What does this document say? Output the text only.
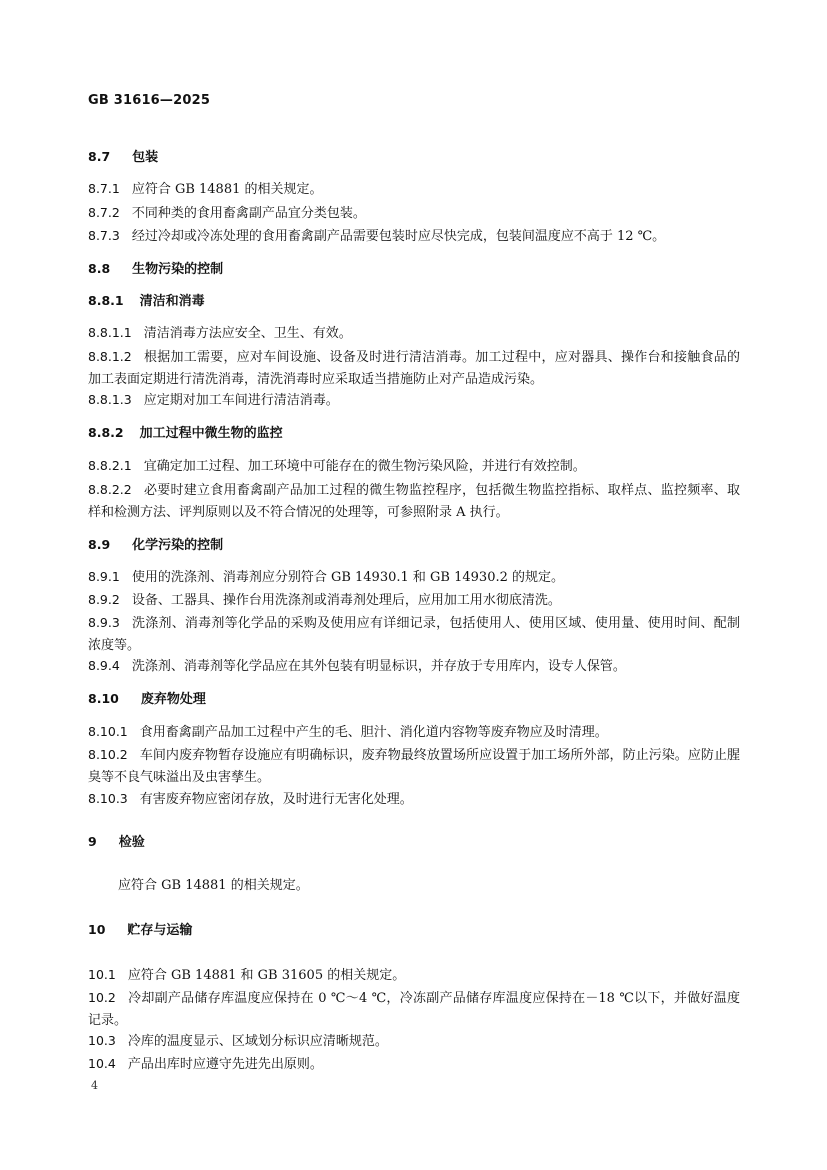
GB 31616—2025
8.7 包装
8.7.1 应符合 GB 14881 的相关规定。
8.7.2 不同种类的食用畜禽副产品宜分类包装。
8.7.3 经过冷却或冷冻处理的食用畜禽副产品需要包装时应尽快完成，包装间温度应不高于 12 ℃。
8.8 生物污染的控制
8.8.1 清洁和消毒
8.8.1.1 清洁消毒方法应安全、卫生、有效。
8.8.1.2 根据加工需要，应对车间设施、设备及时进行清洁消毒。加工过程中，应对器具、操作台和接触食品的加工表面定期进行清洗消毒，清洗消毒时应采取适当措施防止对产品造成污染。
8.8.1.3 应定期对加工车间进行清洁消毒。
8.8.2 加工过程中微生物的监控
8.8.2.1 宜确定加工过程、加工环境中可能存在的微生物污染风险，并进行有效控制。
8.8.2.2 必要时建立食用畜禽副产品加工过程的微生物监控程序，包括微生物监控指标、取样点、监控频率、取样和检测方法、评判原则以及不符合情况的处理等，可参照附录 A 执行。
8.9 化学污染的控制
8.9.1 使用的洗涤剂、消毒剂应分别符合 GB 14930.1 和 GB 14930.2 的规定。
8.9.2 设备、工器具、操作台用洗涤剂或消毒剂处理后，应用加工用水彻底清洗。
8.9.3 洗涤剂、消毒剂等化学品的采购及使用应有详细记录，包括使用人、使用区域、使用量、使用时间、配制浓度等。
8.9.4 洗涤剂、消毒剂等化学品应在其外包装有明显标识，并存放于专用库内，设专人保管。
8.10 废弃物处理
8.10.1 食用畜禽副产品加工过程中产生的毛、胆汁、消化道内容物等废弃物应及时清理。
8.10.2 车间内废弃物暂存设施应有明确标识，废弃物最终放置场所应设置于加工场所外部，防止污染。应防止腥臭等不良气味溢出及虫害孳生。
8.10.3 有害废弃物应密闭存放，及时进行无害化处理。
9 检验
应符合 GB 14881 的相关规定。
10 贮存与运输
10.1 应符合 GB 14881 和 GB 31605 的相关规定。
10.2 冷却副产品储存库温度应保持在 0 ℃～4 ℃，冷冻副产品储存库温度应保持在－18 ℃以下，并做好温度记录。
10.3 冷库的温度显示、区域划分标识应清晰规范。
10.4 产品出库时应遵守先进先出原则。
4
